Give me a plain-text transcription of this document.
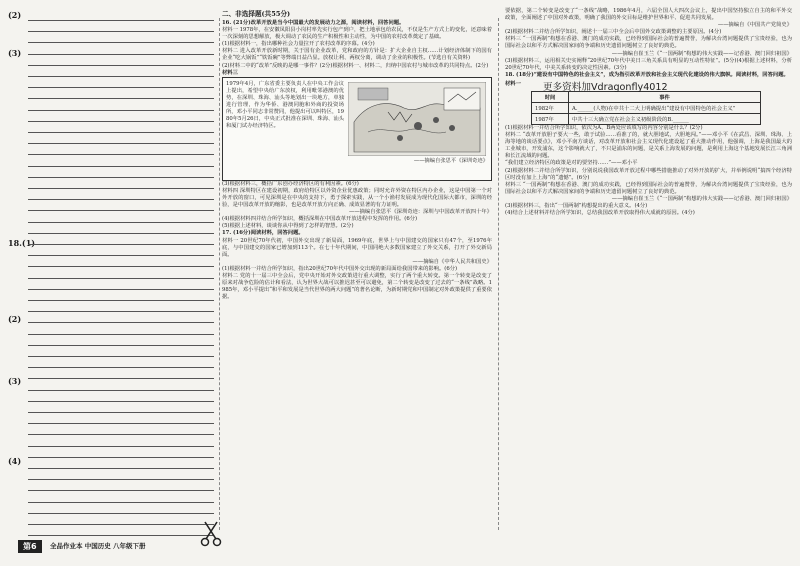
(2)
(3)
18.(1)
(2)
(3)
(4)

二、非选择题(共55分)

16. (21分)改革开放是当今中国最大的发展动力之源，阅读材料，回答问题。

材料一 1978年，在安徽凤阳县小岗村率先实行包产到户，把土地承包给农民，不仅是生产方式上的变化，还意味着一次深刻的思想解放，极大调动了农民的生产积极性和主动性，为中国的农村改革奠定了基础。

(1)根据材料一，指出哪种社会力量拉开了农村改革的序幕。(4分)

材料二 进入改革开放新时期，关于国有企业改革，党和政府的方针是：扩大企业自主权……计划经济体制下的国有企业“吃大锅饭”“铁饭碗”等弊端日益凸显。放权让利、两权分离，调动了企业的积极性。(节选自有关资料)

(2)材料二中的“改革”反映的是哪一事件？(2分)根据材料一、材料二，归纳中国农村与城市改革的共同特点。(2分)

材料三

1979年4月，广东省委主要负责人在中央工作会议上提出，希望中央给广东放权，利用毗邻港澳的优势，在深圳、珠海、汕头等地划出一块地方，单独进行管理，作为华侨、港澳同胞和外商的投资场所，邓小平同志非常赞同，他提出可以叫特区，1980年5月26日，中央正式批准在深圳、珠海、汕头和厦门试办经济特区。

——摘编自张思平《深圳奇迹》

(3)根据材料三，概括广东创办经济特区的有利因素。(6分)

材料四 深圳特区在建设初期，政府给特区以外资企业优惠政策；同时允许外资在特区内办企业，这是中国第一个对外开放的窗口，可见深圳是在中央的支持下，勇于探索实践，从一个小渔村发展成为现代化国际大都市，深圳的经验，是中国改革开放的缩影，也是改革开放方向正确、成效显著的有力证明。

——摘编自张思平《深圳奇迹：深圳与中国改革开放四十年》

(4)根据材料四并结合所学知识，概括深圳在中国改革开放进程中发挥的作用。(6分)

(5)根据上述材料，谈谈你从中得到了怎样的智慧。(2分)

17. (16分)阅读材料，回答问题。

材料一 20世纪70年代初，中国外交出现了新局面，1969年底，世界上与中国建交的国家只有47个，至1976年底，与中国建交的国家已增加到113个。在七十年代期间，中国同绝大多数国家建立了外交关系，打开了外交新局面。

——摘编自《中华人民共和国史》

(1)根据材料一并结合所学知识，指出20世纪70年代中国外交出现的新局面给我国带来的影响。(6分)

材料二 党的十一届三中全会后，党中央开始对外交政策进行重大调整，实行了两个重大转变。第一个转变是改变了原来对战争危险的估计和看法，认为世界大战可以推迟甚至可以避免，第二个转变是改变了过去的“一条线”战略。1985年，邓小平提出“和平和发展是当代世界的两大问题”的著名论断，为新时期党和中国制定对外政策提供了重要依据。

要依据，第二个转变是改变了“一条线”战略，1986年4月，六届全国人大四次会议上，提出中国坚持独立自主的和平外交政策，全面阐述了中国对外政策，明确了我国的外交目标是维护世界和平、促进共同发展。

——摘编自《中国共产党简史》

(2)根据材料二并结合所学知识，阐述十一届三中全会后中国外交政策调整的主要原因。(4分)

材料三 “一国两制”构想在香港、澳门的成功实践，已经得到国际社会的普遍赞誉，为解决台湾问题提供了宝贵经验，也为国际社会以和平方式解决国家间的争端和历史遗留问题树立了良好的典范。

——摘编自崔玉兰《“一国两制”构想的伟大实践——记香港、澳门回归祖国》

(3)根据材料三，运用相关史实阐释“20世纪70年代中美日三角关系具有明显的互动性特征”。(5分)(4)根据上述材料，分析20世纪70年代，中美关系转变的决定性因素。(3分)

18. (18分)“建设有中国特色的社会主义”，成为指引改革开放和社会主义现代化建设的伟大旗帜。阅读材料，回答问题。

材料一 更多资料加Vdragonfly4012
时间	事件
1982年	A.______(人物)在中共十二大上明确提出“建设有中国特色的社会主义”
1987年	中共十三大确立党在社会主义初级阶段的B.______

(1)根据材料一并结合所学知识，依次为A、B两处应该填写的内容分别是什么？(2分)

材料二 “改革开放胆子要大一些，敢于试验……看准了的，就大胆地试，大胆地闯。”——邓小平《在武昌、深圳、珠海、上海等地的谈话要点》，邓小平南方谈话，对改革开放和社会主义现代化建设起了重大推动作用，他强调，上海是我国最大的工业城市，开发浦东，这个影响就大了，不只是浦东的问题，是关系上海发展的问题，是利用上海这个基地发展长江三角洲和长江流域的问题。

“我们建立经济特区的政策是对的要坚持……”——邓小平

(2)根据材料二并结合所学知识，分别说说我国改革开放过程中哪些措施推动了对外开放的扩大，并举例说明“搞四个经济特区时没有加上上海”的“遗憾”。(6分)

材料三 “一国两制”构想在香港、澳门的成功实践，已经得到国际社会的普遍赞誉，为解决台湾问题提供了宝贵经验，也为国际社会以和平方式解决国家间的争端和历史遗留问题树立了良好的典范。

——摘编自崔玉兰《“一国两制”构想的伟大实践——记香港、澳门回归祖国》

(3)根据材料三，指出“一国两制”构想提出的重大意义。(4分)

(4)结合上述材料并结合所学知识，总结我国改革开放取得伟大成就的原因。(4分)

第6	全品作业本 中国历史 八年级下册
